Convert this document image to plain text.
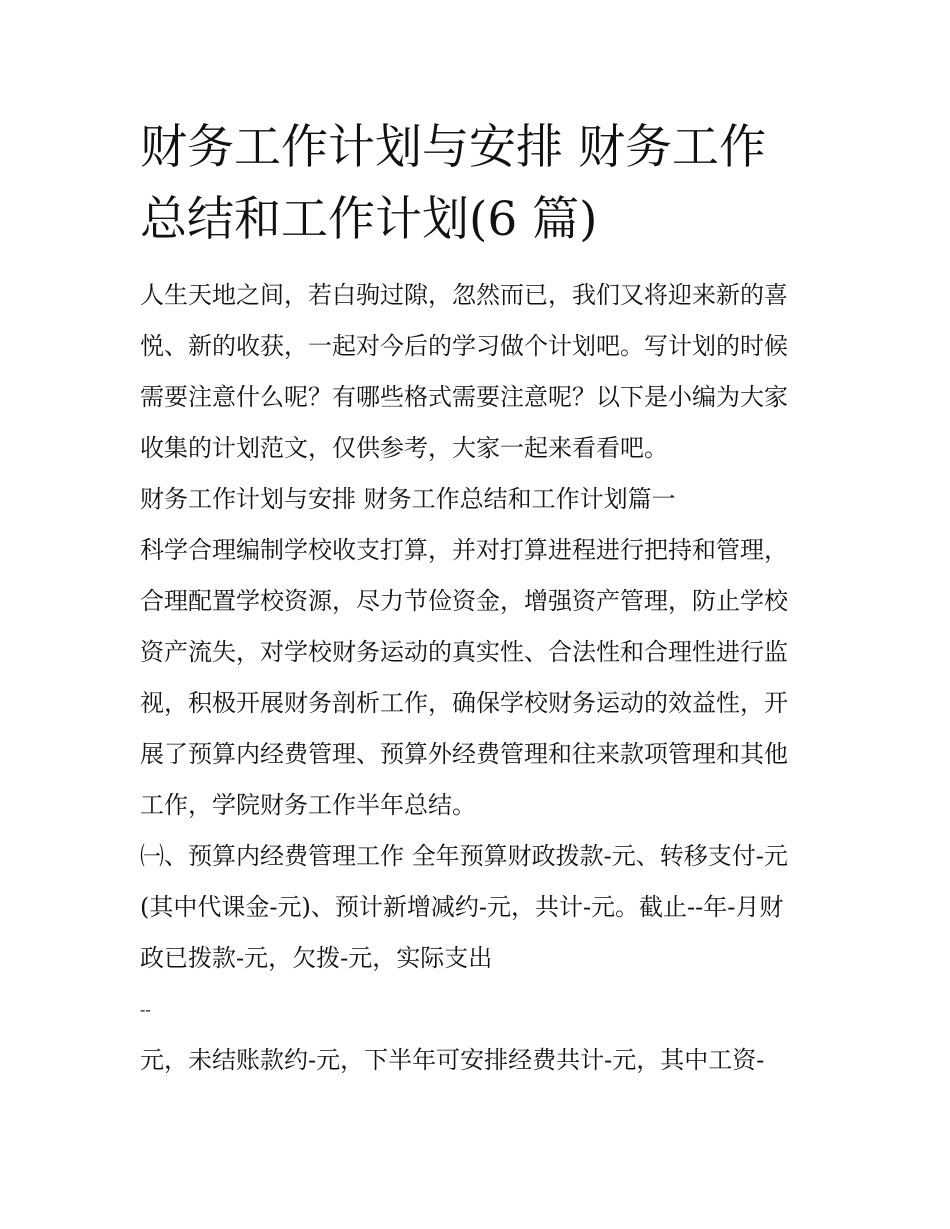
财务工作计划与安排 财务工作
总结和工作计划(6 篇)

人生天地之间，若白驹过隙，忽然而已，我们又将迎来新的喜
悦、新的收获，一起对今后的学习做个计划吧。写计划的时候
需要注意什么呢？有哪些格式需要注意呢？以下是小编为大家
收集的计划范文，仅供参考，大家一起来看看吧。

财务工作计划与安排 财务工作总结和工作计划篇一

科学合理编制学校收支打算，并对打算进程进行把持和管理，
合理配置学校资源，尽力节俭资金，增强资产管理，防止学校
资产流失，对学校财务运动的真实性、合法性和合理性进行监
视，积极开展财务剖析工作，确保学校财务运动的效益性，开
展了预算内经费管理、预算外经费管理和往来款项管理和其他
工作，学院财务工作半年总结。

㈠、预算内经费管理工作 全年预算财政拨款-元、转移支付-元
(其中代课金-元)、预计新增减约-元，共计-元。截止--年-月财
政已拨款-元，欠拨-元，实际支出

--

元，未结账款约-元，下半年可安排经费共计-元，其中工资-
